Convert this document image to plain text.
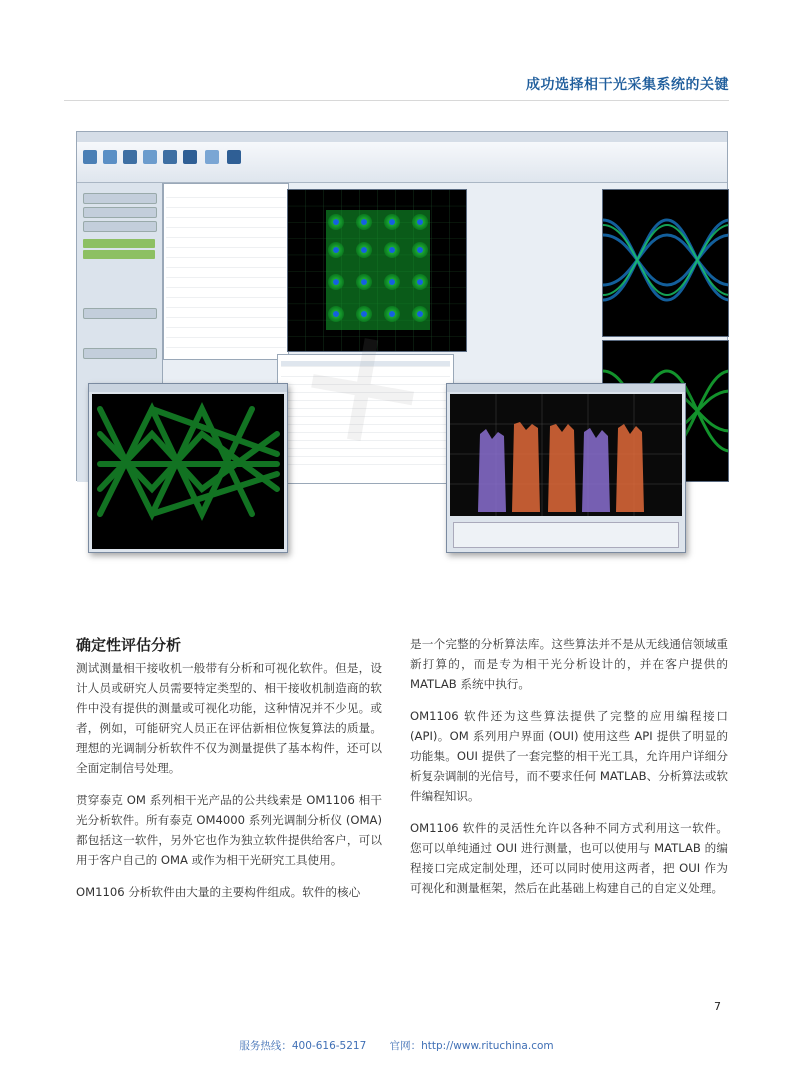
成功选择相干光采集系统的关键
确定性评估分析

测试测量相干接收机一般带有分析和可视化软件。但是，设计人员或研究人员需要特定类型的、相干接收机制造商的软件中没有提供的测量或可视化功能，这种情况并不少见。或者，例如，可能研究人员正在评估新相位恢复算法的质量。理想的光调制分析软件不仅为测量提供了基本构件，还可以全面定制信号处理。

贯穿泰克 OM 系列相干光产品的公共线索是 OM1106 相干光分析软件。所有泰克 OM4000 系列光调制分析仪 (OMA) 都包括这一软件，另外它也作为独立软件提供给客户，可以用于客户自己的 OMA 或作为相干光研究工具使用。

OM1106 分析软件由大量的主要构件组成。软件的核心

是一个完整的分析算法库。这些算法并不是从无线通信领域重新打算的，而是专为相干光分析设计的，并在客户提供的 MATLAB 系统中执行。

OM1106 软件还为这些算法提供了完整的应用编程接口 (API)。OM 系列用户界面 (OUI) 使用这些 API 提供了明显的功能集。OUI 提供了一套完整的相干光工具，允许用户详细分析复杂调制的光信号，而不要求任何 MATLAB、分析算法或软件编程知识。

OM1106 软件的灵活性允许以各种不同方式利用这一软件。您可以单纯通过 OUI 进行测量，也可以使用与 MATLAB 的编程接口完成定制处理，还可以同时使用这两者，把 OUI 作为可视化和测量框架，然后在此基础上构建自己的自定义处理。

7
服务热线：400-616-5217 官网：http://www.rituchina.com
